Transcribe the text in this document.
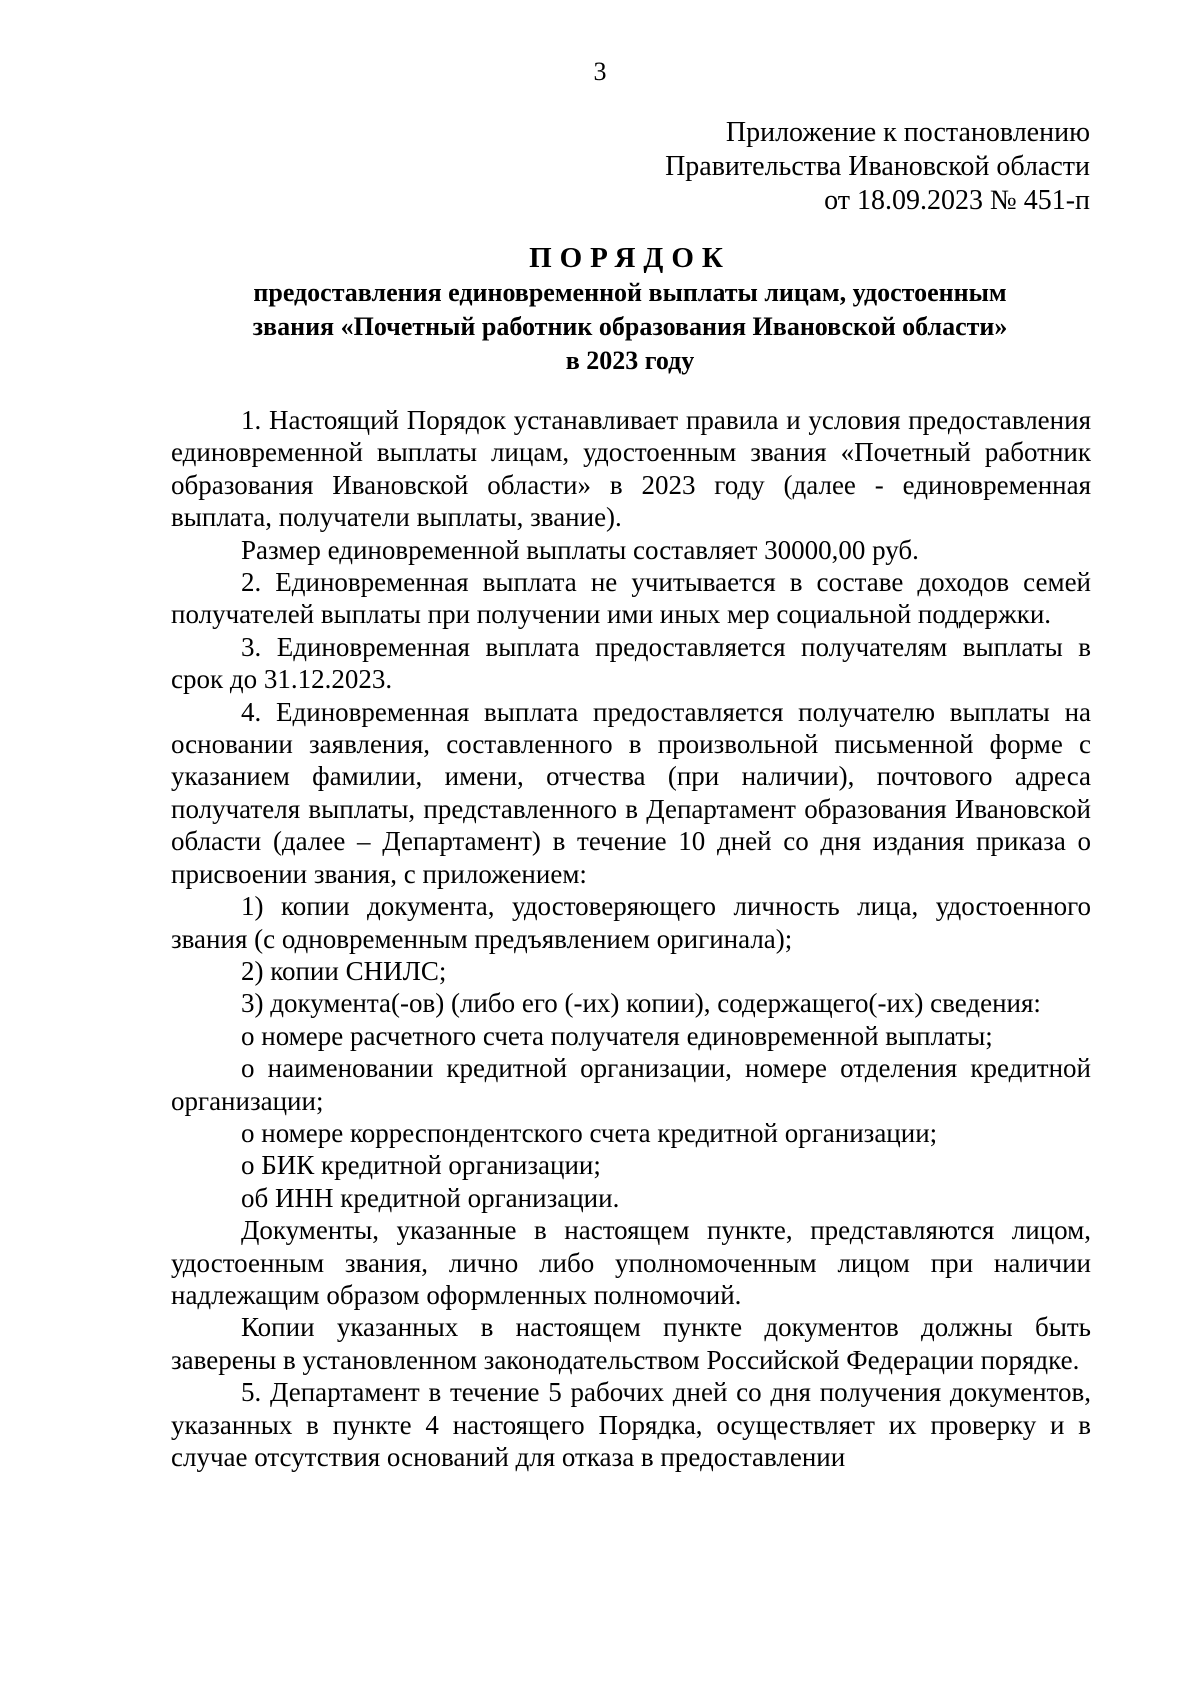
3
Приложение к постановлению
Правительства Ивановской области
от 18.09.2023 № 451-п
ПОРЯДОК
предоставления единовременной выплаты лицам, удостоенным
звания «Почетный работник образования Ивановской области»
в 2023 году

1. Настоящий Порядок устанавливает правила и условия предоставления единовременной выплаты лицам, удостоенным звания «Почетный работник образования Ивановской области» в 2023 году (далее - единовременная выплата, получатели выплаты, звание).

Размер единовременной выплаты составляет 30000,00 руб.

2. Единовременная выплата не учитывается в составе доходов семей получателей выплаты при получении ими иных мер социальной поддержки.

3. Единовременная выплата предоставляется получателям выплаты в срок до 31.12.2023.

4. Единовременная выплата предоставляется получателю выплаты на основании заявления, составленного в произвольной письменной форме с указанием фамилии, имени, отчества (при наличии), почтового адреса получателя выплаты, представленного в Департамент образования Ивановской области (далее – Департамент) в течение 10 дней со дня издания приказа о присвоении звания, с приложением:

1) копии документа, удостоверяющего личность лица, удостоенного звания (с одновременным предъявлением оригинала);

2) копии СНИЛС;

3) документа(-ов) (либо его (-их) копии), содержащего(-их) сведения:

о номере расчетного счета получателя единовременной выплаты;

о наименовании кредитной организации, номере отделения кредитной организации;

о номере корреспондентского счета кредитной организации;

о БИК кредитной организации;

об ИНН кредитной организации.

Документы, указанные в настоящем пункте, представляются лицом, удостоенным звания, лично либо уполномоченным лицом при наличии надлежащим образом оформленных полномочий.

Копии указанных в настоящем пункте документов должны быть заверены в установленном законодательством Российской Федерации порядке.

5. Департамент в течение 5 рабочих дней со дня получения документов, указанных в пункте 4 настоящего Порядка, осуществляет их проверку и в случае отсутствия оснований для отказа в предоставлении
